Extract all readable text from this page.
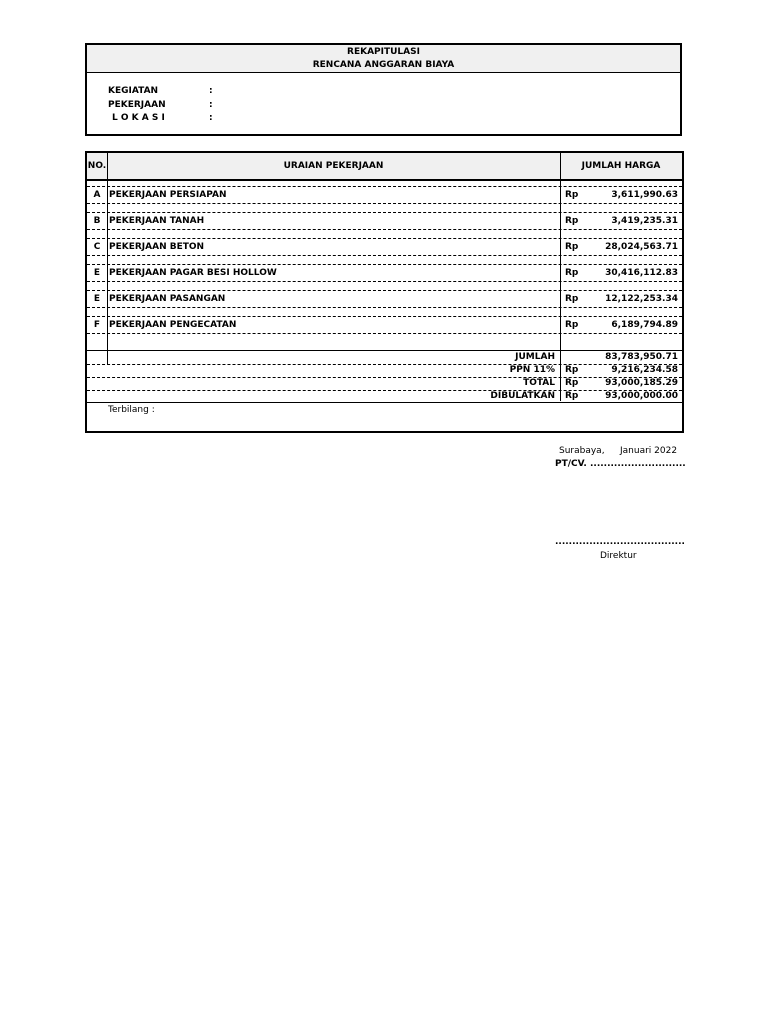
REKAPITULASI
RENCANA ANGGARAN BIAYA
KEGIATAN	:
PEKERJAAN	:
L O K A S I	:
NO.	URAIAN PEKERJAAN	JUMLAH HARGA
A PEKERJAAN PERSIAPAN	Rp	3,611,990.63
B PEKERJAAN TANAH	Rp	3,419,235.31
C PEKERJAAN BETON	Rp	28,024,563.71
E PEKERJAAN PAGAR BESI HOLLOW	Rp	30,416,112.83
E PEKERJAAN PASANGAN	Rp	12,122,253.34
F PEKERJAAN PENGECATAN	Rp	6,189,794.89
JUMLAH	83,783,950.71
PPN 11% Rp	9,216,234.58
TOTAL Rp	93,000,185.29
DIBULATKAN Rp	93,000,000.00
Terbilang :
Surabaya, Januari 2022
PT/CV. ............................
......................................
Direktur
